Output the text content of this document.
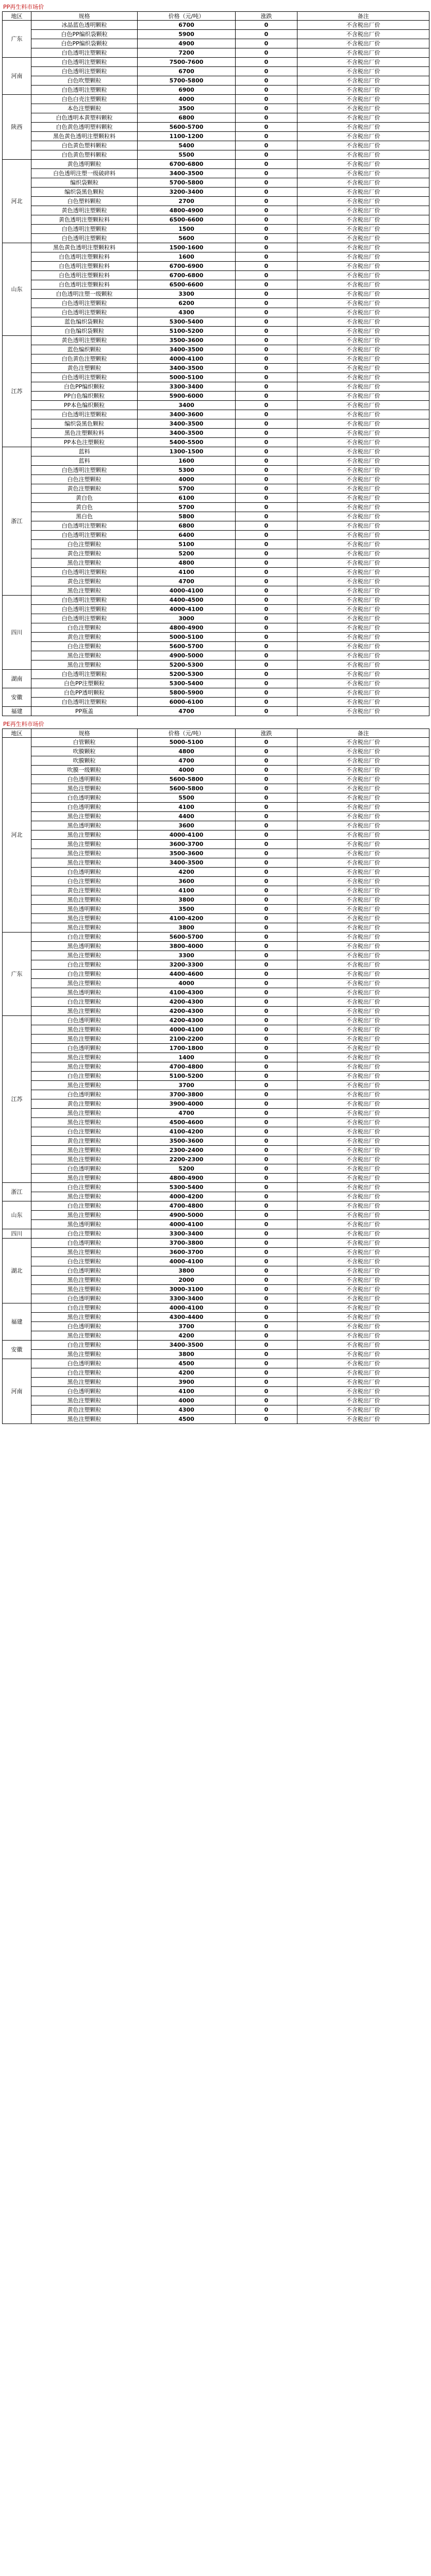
PP再生料市场价
地区	规格	价格（元/吨）	涨跌	备注
广东	冰晶蓝色透明颗粒	6700	0	不含税出厂价
	白色PP编织袋颗粒	5900	0	不含税出厂价
	白色PP编织袋颗粒	4900	0	不含税出厂价
	白色透明注塑颗粒	7200	0	不含税出厂价
河南	白色透明注塑颗粒	7500-7600	0	不含税出厂价
	白色透明注塑颗粒	6700	0	不含税出厂价
	白色吹塑颗粒	5700-5800	0	不含税出厂价
	白色透明注塑颗粒	6900	0	不含税出厂价
陕西	白色白壳注塑颗粒	4000	0	不含税出厂价
	本色注塑颗粒	3500	0	不含税出厂价
	白色透明本黄塑料颗粒	6800	0	不含税出厂价
	白色黄色透明塑料颗粒	5600-5700	0	不含税出厂价
	黑色黄色透明注塑颗粒料	1100-1200	0	不含税出厂价
	白色黄色塑料颗粒	5400	0	不含税出厂价
	白色黄色塑料颗粒	5500	0	不含税出厂价
河北	黄色透明颗粒	6700-6800	0	不含税出厂价
	白色透明注塑一级破碎料	3400-3500	0	不含税出厂价
	编织袋颗粒	5700-5800	0	不含税出厂价
	编织袋黑色颗粒	3200-3400	0	不含税出厂价
	白色塑料颗粒	2700	0	不含税出厂价
	黄色透明注塑颗粒	4800-4900	0	不含税出厂价
	黄色透明注塑颗粒料	6500-6600	0	不含税出厂价
	白色透明注塑颗粒	1500	0	不含税出厂价
	白色透明注塑颗粒	5600	0	不含税出厂价
山东	黑色黄色透明注塑颗粒料	1500-1600	0	不含税出厂价
	白色透明注塑颗粒料	1600	0	不含税出厂价
	白色透明注塑颗粒料	6700-6900	0	不含税出厂价
	白色透明注塑颗粒料	6700-6800	0	不含税出厂价
	白色透明注塑颗粒料	6500-6600	0	不含税出厂价
	白色透明注塑一级颗粒	3300	0	不含税出厂价
	白色透明注塑颗粒	6200	0	不含税出厂价
	白色透明注塑颗粒	4300	0	不含税出厂价
	蓝色编织袋颗粒	5300-5400	0	不含税出厂价
	白色编织袋颗粒	5100-5200	0	不含税出厂价
江苏	黄色透明注塑颗粒	3500-3600	0	不含税出厂价
	蓝色编织颗粒	3400-3500	0	不含税出厂价
	白色黄色注塑颗粒	4000-4100	0	不含税出厂价
	黄色注塑颗粒	3400-3500	0	不含税出厂价
	白色透明注塑颗粒	5000-5100	0	不含税出厂价
	白色PP编织颗粒	3300-3400	0	不含税出厂价
	PP白色编织颗粒	5900-6000	0	不含税出厂价
	PP本色编织颗粒	3400	0	不含税出厂价
	白色透明注塑颗粒	3400-3600	0	不含税出厂价
	编织袋黑色颗粒	3400-3500	0	不含税出厂价
	黑色注塑颗粒料	3400-3500	0	不含税出厂价
	PP本色注塑颗粒	5400-5500	0	不含税出厂价
浙江	蓝料	1300-1500	0	不含税出厂价
	蓝料	1600	0	不含税出厂价
	白色透明注塑颗粒	5300	0	不含税出厂价
	白色注塑颗粒	4000	0	不含税出厂价
	黄色注塑颗粒	5700	0	不含税出厂价
	黄白色	6100	0	不含税出厂价
	黄白色	5700	0	不含税出厂价
	黑白色	5800	0	不含税出厂价
	白色透明注塑颗粒	6800	0	不含税出厂价
	白色透明注塑颗粒	6400	0	不含税出厂价
	白色注塑颗粒	5100	0	不含税出厂价
	黄色注塑颗粒	5200	0	不含税出厂价
	黑色注塑颗粒	4800	0	不含税出厂价
	白色透明注塑颗粒	4100	0	不含税出厂价
	黄色注塑颗粒	4700	0	不含税出厂价
	黑色注塑颗粒	4000-4100	0	不含税出厂价
四川	白色透明注塑颗粒	4400-4500	0	不含税出厂价
	白色透明注塑颗粒	4000-4100	0	不含税出厂价
	白色透明注塑颗粒	3000	0	不含税出厂价
	白色注塑颗粒	4800-4900	0	不含税出厂价
	黄色注塑颗粒	5000-5100	0	不含税出厂价
	白色注塑颗粒	5600-5700	0	不含税出厂价
	黑色注塑颗粒	4900-5000	0	不含税出厂价
	黑色注塑颗粒	5200-5300	0	不含税出厂价
湖南	白色透明注塑颗粒	5200-5300	0	不含税出厂价
	白色PP注塑颗粒	5300-5400	0	不含税出厂价
安徽	白色PP透明颗粒	5800-5900	0	不含税出厂价
	白色透明注塑颗粒	6000-6100	0	不含税出厂价
福建	PP瓶盖	4700	0	不含税出厂价
PE再生料市场价
地区	规格	价格（元/吨）	涨跌	备注
河北	白管颗粒	5000-5100	0	不含税出厂价
	吹膜颗粒	4800	0	不含税出厂价
	吹膜颗粒	4700	0	不含税出厂价
	吹膜一级颗粒	4000	0	不含税出厂价
	白色透明颗粒	5600-5800	0	不含税出厂价
	黑色注塑颗粒	5600-5800	0	不含税出厂价
	白色透明颗粒	5500	0	不含税出厂价
	白色透明颗粒	4100	0	不含税出厂价
	黑色注塑颗粒	4400	0	不含税出厂价
	黑色透明颗粒	3600	0	不含税出厂价
	黑色注塑颗粒	4000-4100	0	不含税出厂价
	黑色注塑颗粒	3600-3700	0	不含税出厂价
	黑色注塑颗粒	3500-3600	0	不含税出厂价
	黑色注塑颗粒	3400-3500	0	不含税出厂价
	白色透明颗粒	4200	0	不含税出厂价
	白色注塑颗粒	3600	0	不含税出厂价
	黄色注塑颗粒	4100	0	不含税出厂价
	黑色注塑颗粒	3800	0	不含税出厂价
	黑色透明颗粒	3500	0	不含税出厂价
	黑色注塑颗粒	4100-4200	0	不含税出厂价
	黑色注塑颗粒	3800	0	不含税出厂价
广东	白色注塑颗粒	5600-5700	0	不含税出厂价
	黑色透明颗粒	3800-4000	0	不含税出厂价
	黑色注塑颗粒	3300	0	不含税出厂价
	白色注塑颗粒	3200-3300	0	不含税出厂价
	白色注塑颗粒	4400-4600	0	不含税出厂价
	黑色注塑颗粒	4000	0	不含税出厂价
	黑色透明颗粒	4100-4300	0	不含税出厂价
	白色注塑颗粒	4200-4300	0	不含税出厂价
	黑色注塑颗粒	4200-4300	0	不含税出厂价
江苏	白色透明颗粒	4200-4300	0	不含税出厂价
	黑色注塑颗粒	4000-4100	0	不含税出厂价
	黑色注塑颗粒	2100-2200	0	不含税出厂价
	白色透明颗粒	1700-1800	0	不含税出厂价
	黑色注塑颗粒	1400	0	不含税出厂价
	黑色注塑颗粒	4700-4800	0	不含税出厂价
	白色注塑颗粒	5100-5200	0	不含税出厂价
	黑色注塑颗粒	3700	0	不含税出厂价
	白色透明颗粒	3700-3800	0	不含税出厂价
	黄色注塑颗粒	3900-4000	0	不含税出厂价
	黑色注塑颗粒	4700	0	不含税出厂价
	黑色注塑颗粒	4500-4600	0	不含税出厂价
	白色注塑颗粒	4100-4200	0	不含税出厂价
	黄色注塑颗粒	3500-3600	0	不含税出厂价
	黑色注塑颗粒	2300-2400	0	不含税出厂价
	黑色注塑颗粒	2200-2300	0	不含税出厂价
	白色透明颗粒	5200	0	不含税出厂价
	黑色注塑颗粒	4800-4900	0	不含税出厂价
浙江	白色注塑颗粒	5300-5400	0	不含税出厂价
	黑色注塑颗粒	4000-4200	0	不含税出厂价
山东	白色注塑颗粒	4700-4800	0	不含税出厂价
	黑色注塑颗粒	4900-5000	0	不含税出厂价
	黑色透明颗粒	4000-4100	0	不含税出厂价
四川	白色注塑颗粒	3300-3400	0	不含税出厂价
湖北	白色透明颗粒	3700-3800	0	不含税出厂价
	黑色注塑颗粒	3600-3700	0	不含税出厂价
	白色注塑颗粒	4000-4100	0	不含税出厂价
	白色透明颗粒	3800	0	不含税出厂价
	黑色注塑颗粒	2000	0	不含税出厂价
	黑色注塑颗粒	3000-3100	0	不含税出厂价
	白色透明颗粒	3300-3400	0	不含税出厂价
福建	白色注塑颗粒	4000-4100	0	不含税出厂价
	黑色注塑颗粒	4300-4400	0	不含税出厂价
	白色透明颗粒	3700	0	不含税出厂价
	黑色注塑颗粒	4200	0	不含税出厂价
安徽	白色注塑颗粒	3400-3500	0	不含税出厂价
	黑色注塑颗粒	3800	0	不含税出厂价
河南	白色透明颗粒	4500	0	不含税出厂价
	白色注塑颗粒	4200	0	不含税出厂价
	黑色注塑颗粒	3900	0	不含税出厂价
	白色透明颗粒	4100	0	不含税出厂价
	黑色注塑颗粒	4000	0	不含税出厂价
	黄色注塑颗粒	4300	0	不含税出厂价
	黑色注塑颗粒	4500	0	不含税出厂价
